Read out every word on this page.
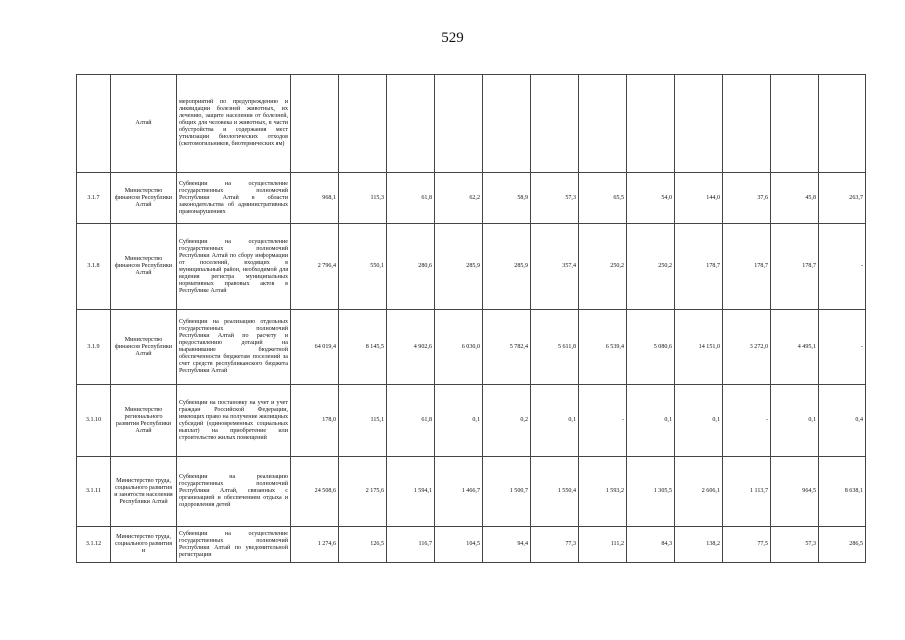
529
	Алтай	мероприятий по предупреждению и ликвидации болезней животных, их лечению, защите населения от болезней, общих для человека и животных, в части обустройства и содержания мест утилизации биологических отходов (скотомогильников, биотермических ям)												
3.1.7	Министерство финансов Республики Алтай	Субвенции на осуществление государственных полномочий Республики Алтай в области законодательства об административных правонарушениях	968,1	115,3	61,8	62,2	58,9	57,3	65,5	54,0	144,0	37,6	45,8	263,7
3.1.8	Министерство финансов Республики Алтай	Субвенции на осуществление государственных полномочий Республики Алтай по сбору информации от поселений, входящих в муниципальный район, необходимой для ведения регистра муниципальных нормативных правовых актов в Республике Алтай	2 796,4	550,1	280,6	285,9	285,9	357,4	250,2	250,2	178,7	178,7	178,7	-
3.1.9	Министерство финансов Республики Алтай	Субвенции на реализацию отдельных государственных полномочий Республики Алтай по расчету и предоставлению дотаций на выравнивание бюджетной обеспеченности бюджетам поселений за счет средств республиканского бюджета Республики Алтай	64 019,4	8 145,5	4 902,6	6 030,0	5 782,4	5 611,8	6 539,4	5 080,6	14 151,0	3 272,0	4 495,1	-
3.1.10	Министерство регионального развития Республики Алтай	Субвенции на постановку на учет и учет граждан Российской Федерации, имеющих право на получение жилищных субсидий (единовременных социальных выплат) на приобретение или строительство жилых помещений	178,0	115,1	61,8	0,1	0,2	0,1	-	0,1	0,1	-	0,1	0,4
3.1.11	Министерство труда, социального развития и занятости населения Республики Алтай	Субвенции на реализацию государственных полномочий Республики Алтай, связанных с организацией и обеспечением отдыха и оздоровления детей	24 508,6	2 175,6	1 594,1	1 466,7	1 500,7	1 550,4	1 593,2	1 305,5	2 606,1	1 113,7	964,5	8 638,1
3.1.12	Министерство труда, социального развития и	Субвенции на осуществление государственных полномочий Республики Алтай по уведомительной регистрации	1 274,6	126,5	116,7	104,5	94,4	77,3	111,2	84,3	138,2	77,5	57,3	286,5
